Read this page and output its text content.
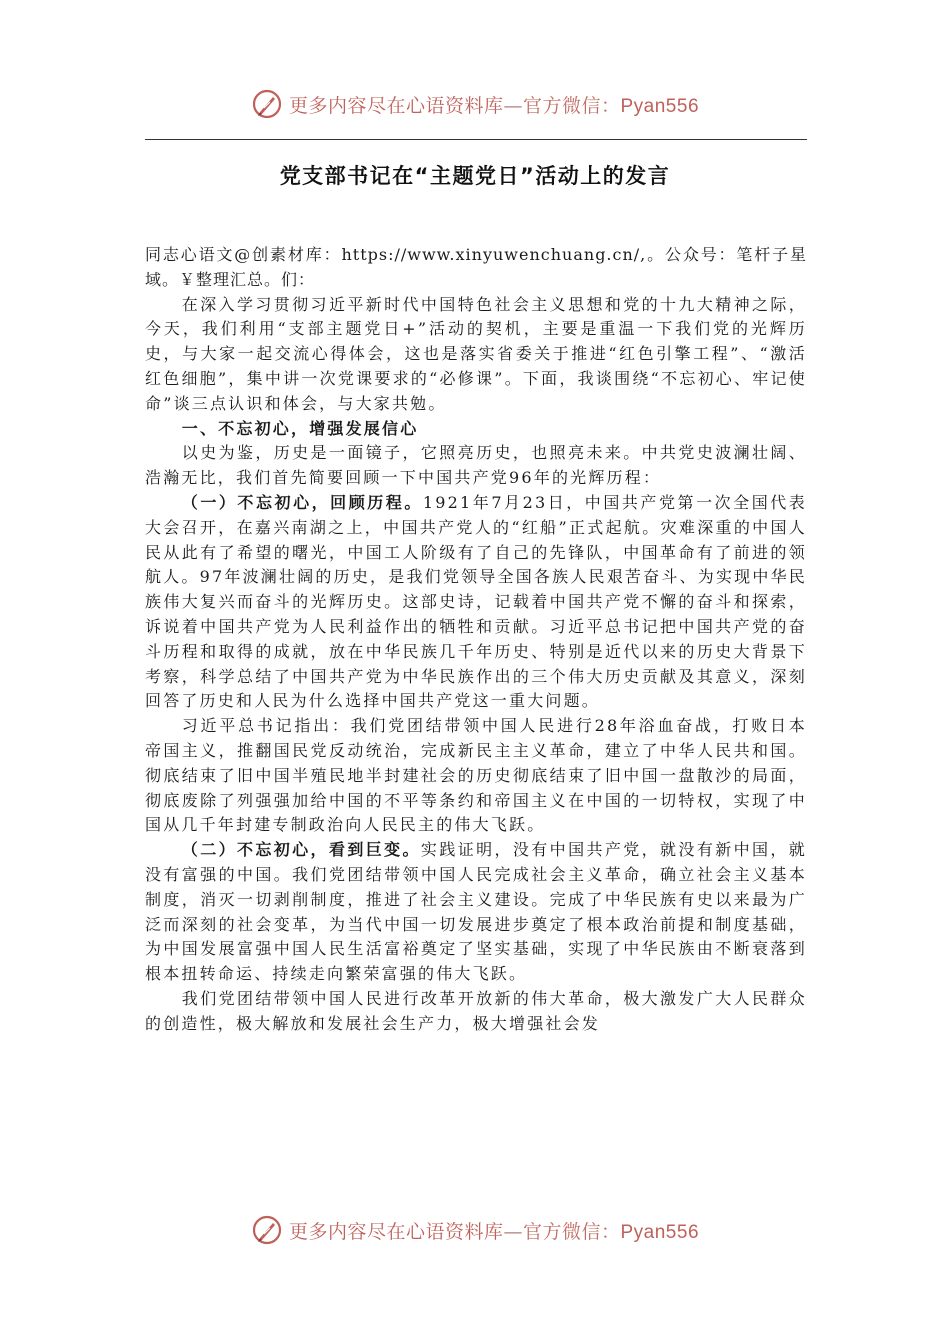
更多内容尽在心语资料库—官方微信：Pyan556
党支部书记在“主题党日”活动上的发言

同志心语文@创素材库：https://www.xinyuwenchuang.cn/,。公众号：笔杆子星域。￥整理汇总。们：

在深入学习贯彻习近平新时代中国特色社会主义思想和党的十九大精神之际，今天，我们利用“支部主题党日+”活动的契机，主要是重温一下我们党的光辉历史，与大家一起交流心得体会，这也是落实省委关于推进“红色引擎工程”、“激活红色细胞”，集中讲一次党课要求的“必修课”。下面，我谈围绕“不忘初心、牢记使命”谈三点认识和体会，与大家共勉。

一、不忘初心，增强发展信心

以史为鉴，历史是一面镜子，它照亮历史，也照亮未来。中共党史波澜壮阔、浩瀚无比，我们首先简要回顾一下中国共产党96年的光辉历程：

（一）不忘初心，回顾历程。1921年7月23日，中国共产党第一次全国代表大会召开，在嘉兴南湖之上，中国共产党人的“红船”正式起航。灾难深重的中国人民从此有了希望的曙光，中国工人阶级有了自己的先锋队，中国革命有了前进的领航人。97年波澜壮阔的历史，是我们党领导全国各族人民艰苦奋斗、为实现中华民族伟大复兴而奋斗的光辉历史。这部史诗，记载着中国共产党不懈的奋斗和探索，诉说着中国共产党为人民利益作出的牺牲和贡献。习近平总书记把中国共产党的奋斗历程和取得的成就，放在中华民族几千年历史、特别是近代以来的历史大背景下考察，科学总结了中国共产党为中华民族作出的三个伟大历史贡献及其意义，深刻回答了历史和人民为什么选择中国共产党这一重大问题。

习近平总书记指出：我们党团结带领中国人民进行28年浴血奋战，打败日本帝国主义，推翻国民党反动统治，完成新民主主义革命，建立了中华人民共和国。彻底结束了旧中国半殖民地半封建社会的历史彻底结束了旧中国一盘散沙的局面，彻底废除了列强强加给中国的不平等条约和帝国主义在中国的一切特权，实现了中国从几千年封建专制政治向人民民主的伟大飞跃。

（二）不忘初心，看到巨变。实践证明，没有中国共产党，就没有新中国，就没有富强的中国。我们党团结带领中国人民完成社会主义革命，确立社会主义基本制度，消灭一切剥削制度，推进了社会主义建设。完成了中华民族有史以来最为广泛而深刻的社会变革，为当代中国一切发展进步奠定了根本政治前提和制度基础，为中国发展富强中国人民生活富裕奠定了坚实基础，实现了中华民族由不断衰落到根本扭转命运、持续走向繁荣富强的伟大飞跃。

我们党团结带领中国人民进行改革开放新的伟大革命，极大激发广大人民群众的创造性，极大解放和发展社会生产力，极大增强社会发

更多内容尽在心语资料库—官方微信：Pyan556
